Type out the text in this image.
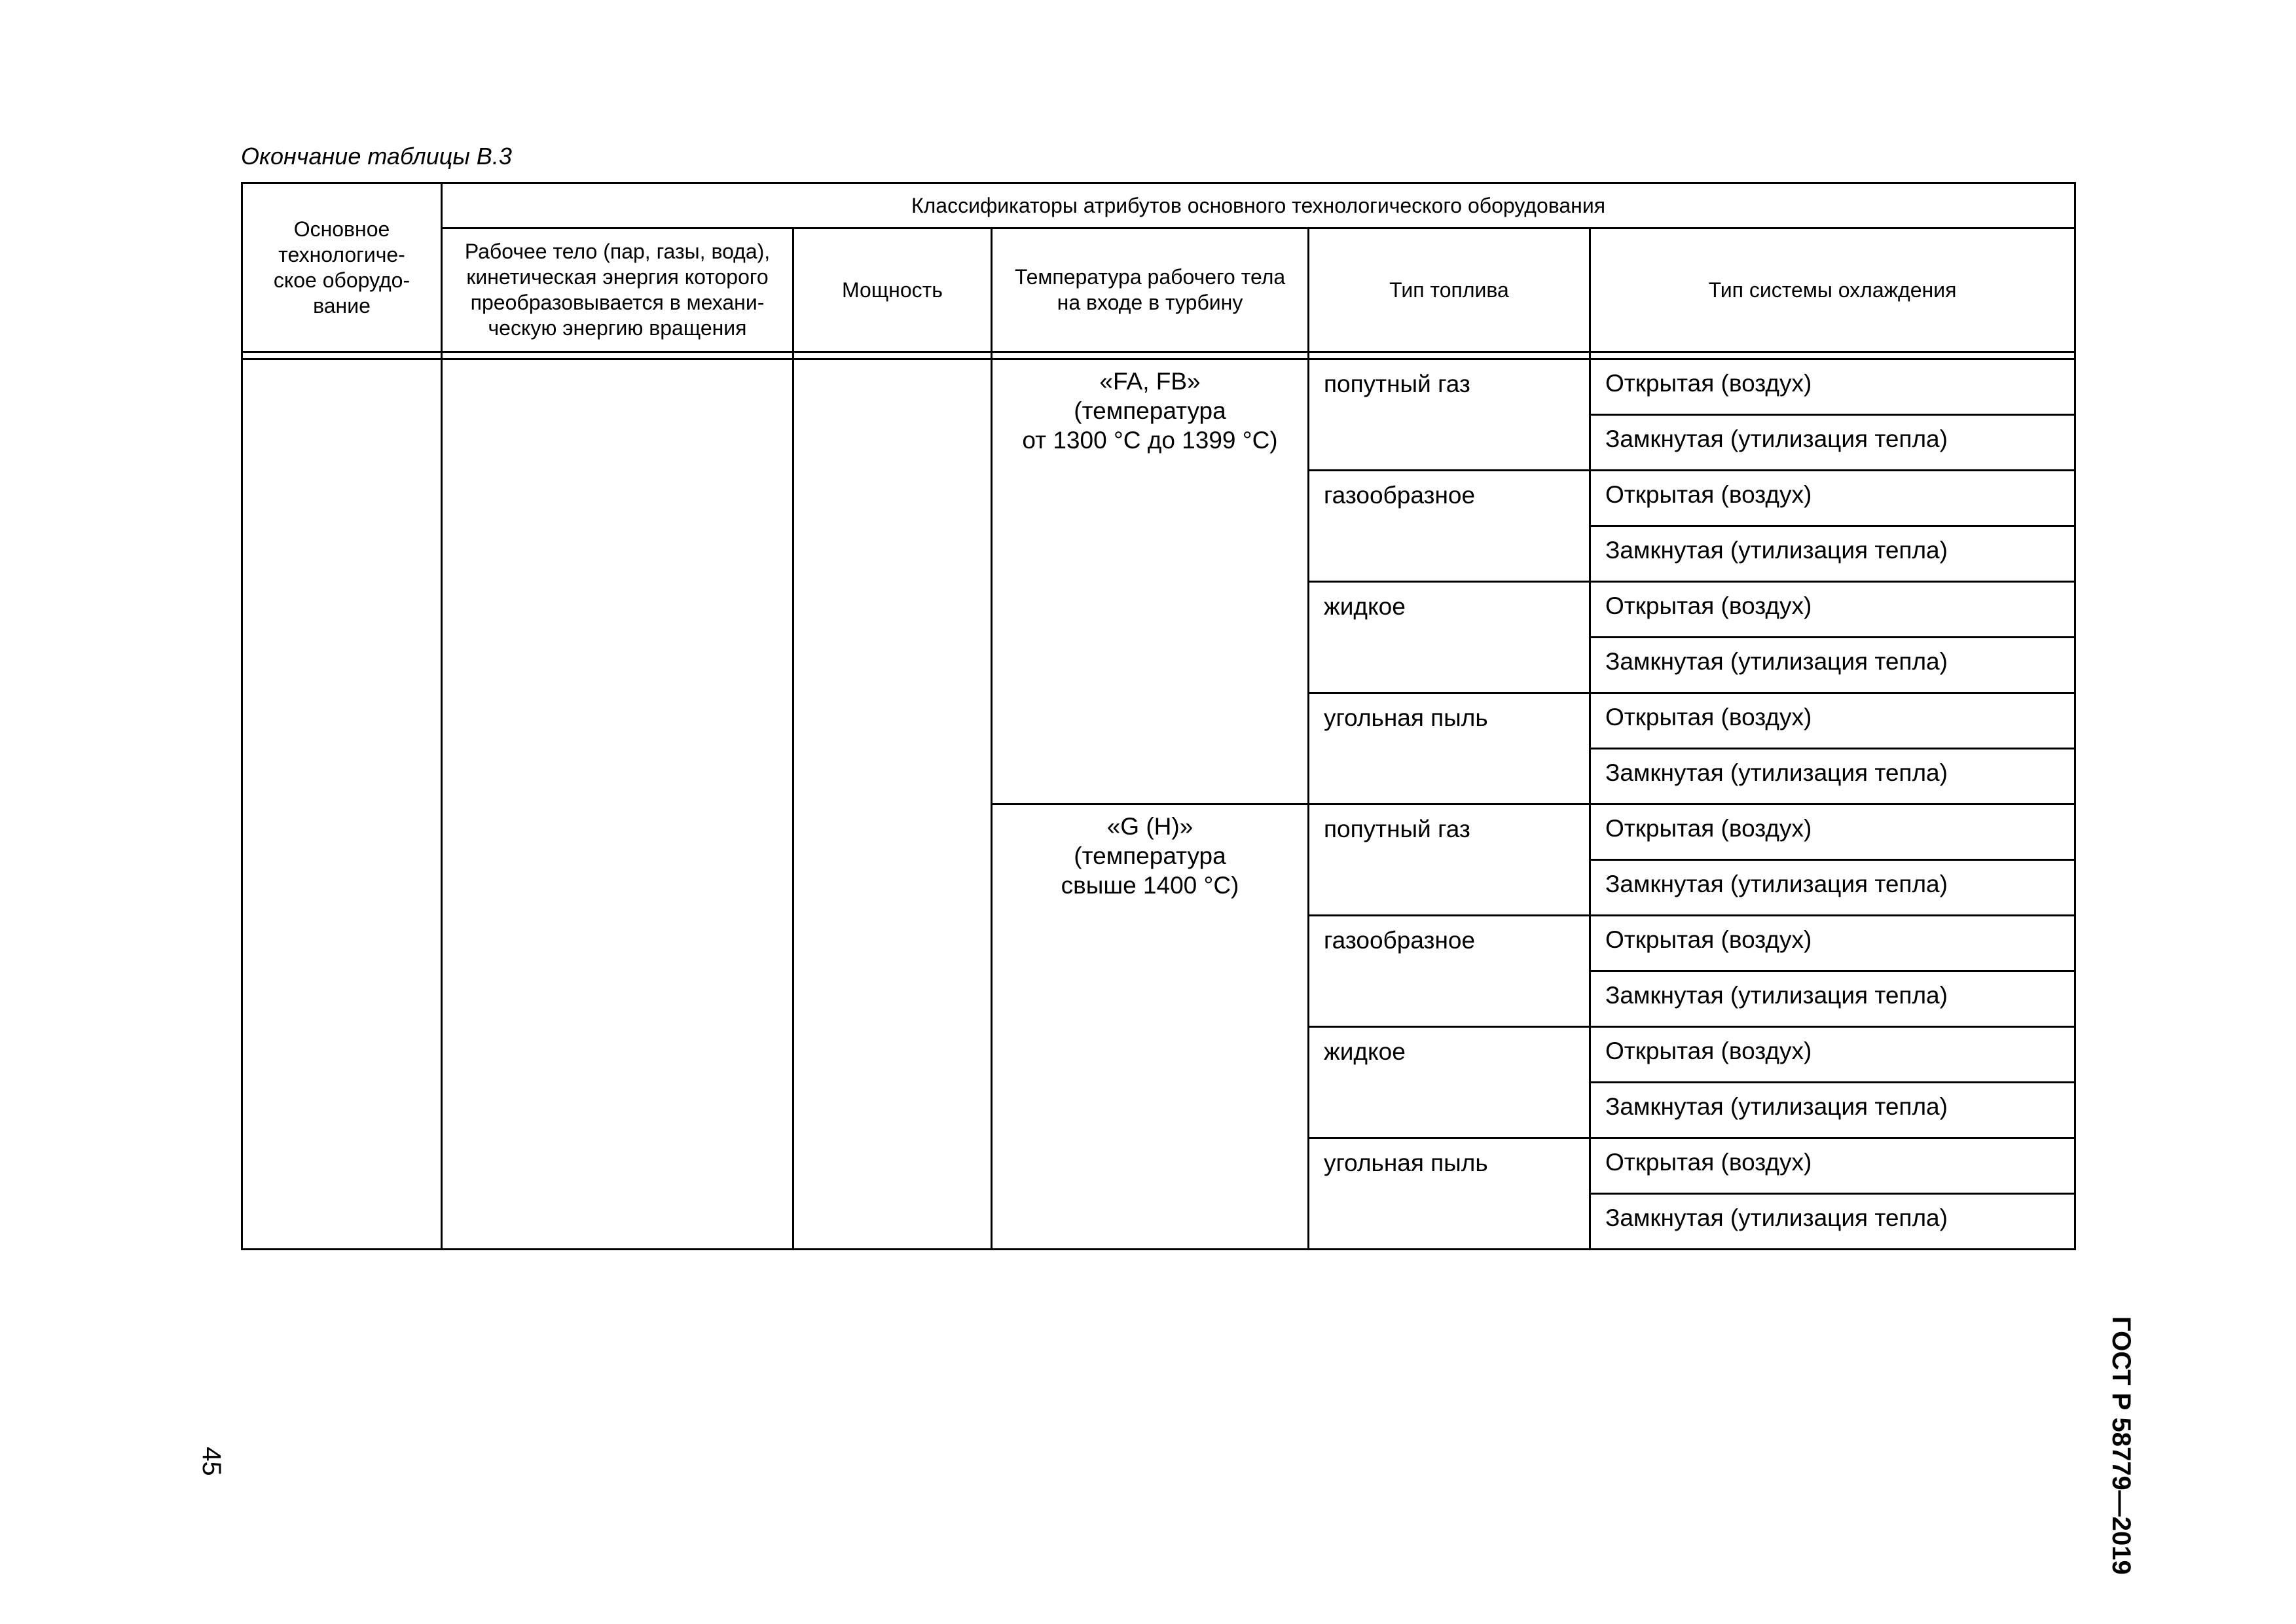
Окончание таблицы В.3
Основное
технологиче-
ское оборудо-
вание	Классификаторы атрибутов основного технологического оборудования				
	Рабочее тело (пар, газы, вода),
кинетическая энергия которого
преобразовывается в механи-
ческую энергию вращения	Мощность	Температура рабочего тела
на входе в турбину	Тип топлива	Тип системы охлаждения

			«FA, FB»
(температура
от 1300 °С до 1399 °С)	попутный газ	Открытая (воздух)
					Замкнутая (утилизация тепла)
				газообразное	Открытая (воздух)
					Замкнутая (утилизация тепла)
				жидкое	Открытая (воздух)
					Замкнутая (утилизация тепла)
				угольная пыль	Открытая (воздух)
					Замкнутая (утилизация тепла)
			«G (H)»
(температура
свыше 1400 °С)	попутный газ	Открытая (воздух)
					Замкнутая (утилизация тепла)
				газообразное	Открытая (воздух)
					Замкнутая (утилизация тепла)
				жидкое	Открытая (воздух)
					Замкнутая (утилизация тепла)
				угольная пыль	Открытая (воздух)
					Замкнутая (утилизация тепла)
45	ГОСТ Р 58779—2019
